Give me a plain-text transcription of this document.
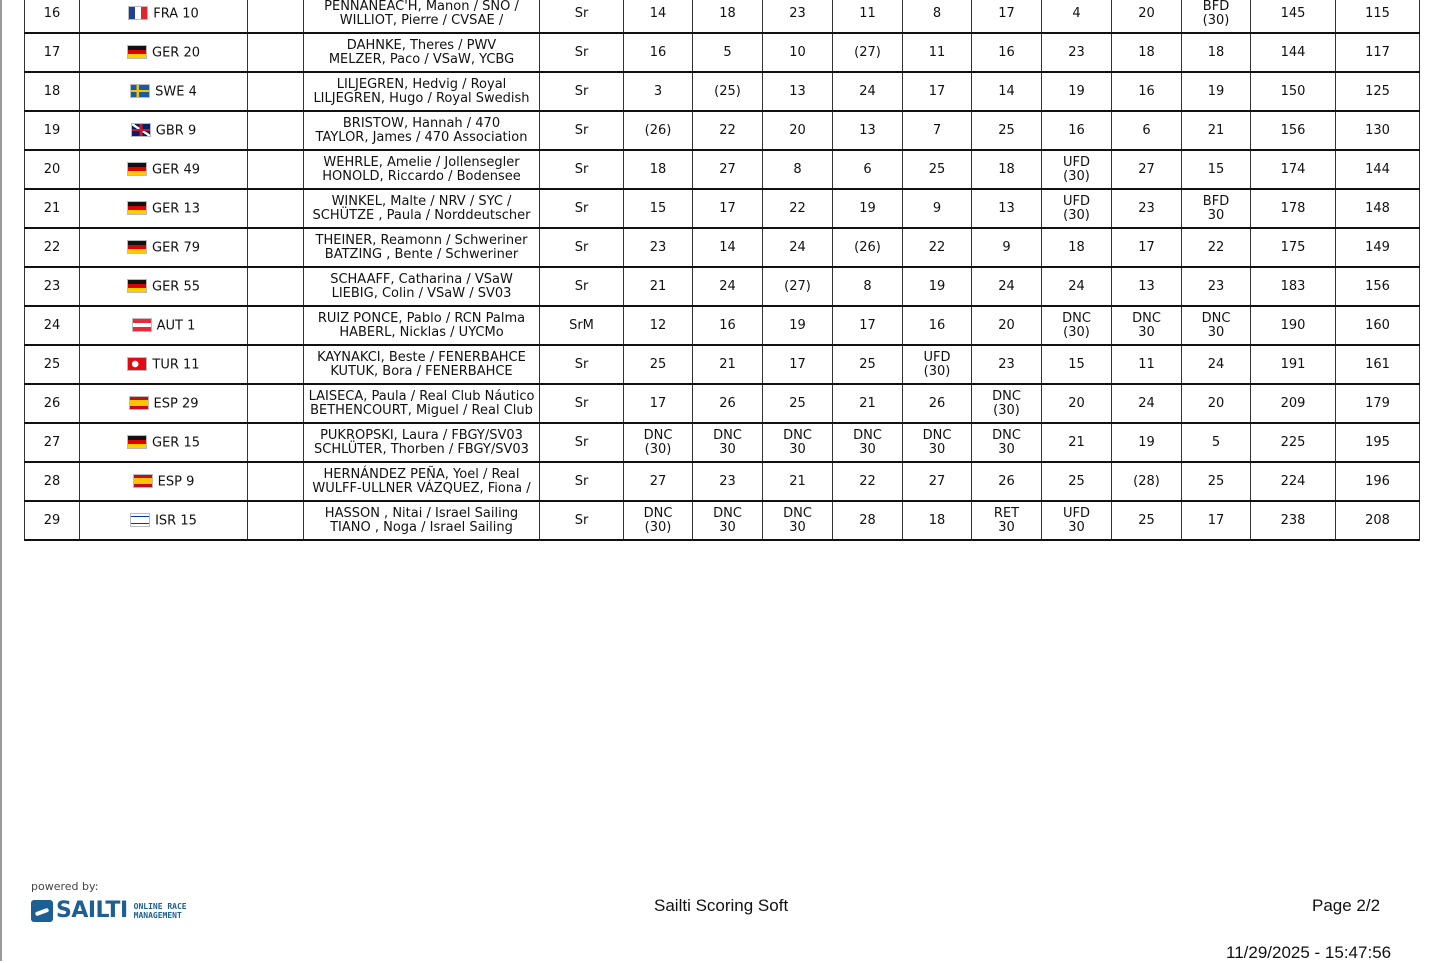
16	FRA 10		PENNANEAC'H, Manon / SNO /
WILLIOT, Pierre / CVSAE /	Sr	14	18	23	11	8	17	4	20	BFD
(30)	145	115
17	GER 20		DAHNKE, Theres / PWV
MELZER, Paco / VSaW, YCBG	Sr	16	5	10	(27)	11	16	23	18	18	144	117
18	SWE 4		LILJEGREN, Hedvig / Royal
LILJEGREN, Hugo / Royal Swedish	Sr	3	(25)	13	24	17	14	19	16	19	150	125
19	GBR 9		BRISTOW, Hannah / 470
TAYLOR, James / 470 Association	Sr	(26)	22	20	13	7	25	16	6	21	156	130
20	GER 49		WEHRLE, Amelie / Jollensegler
HONOLD, Riccardo / Bodensee	Sr	18	27	8	6	25	18	UFD
(30)	27	15	174	144
21	GER 13		WINKEL, Malte / NRV / SYC /
SCHÜTZE , Paula / Norddeutscher	Sr	15	17	22	19	9	13	UFD
(30)	23	BFD
30	178	148
22	GER 79		THEINER, Reamonn / Schweriner
BATZING , Bente / Schweriner	Sr	23	14	24	(26)	22	9	18	17	22	175	149
23	GER 55		SCHAAFF, Catharina / VSaW
LIEBIG, Colin / VSaW / SV03	Sr	21	24	(27)	8	19	24	24	13	23	183	156
24	AUT 1		RUIZ PONCE, Pablo / RCN Palma
HABERL, Nicklas / UYCMo	SrM	12	16	19	17	16	20	DNC
(30)	DNC
30	DNC
30	190	160
25	TUR 11		KAYNAKCI, Beste / FENERBAHCE
KUTUK, Bora / FENERBAHCE	Sr	25	21	17	25	UFD
(30)	23	15	11	24	191	161
26	ESP 29		LAISECA, Paula / Real Club Náutico
BETHENCOURT, Miguel / Real Club	Sr	17	26	25	21	26	DNC
(30)	20	24	20	209	179
27	GER 15		PUKROPSKI, Laura / FBGY/SV03
SCHLÜTER, Thorben / FBGY/SV03	Sr	DNC
(30)	DNC
30	DNC
30	DNC
30	DNC
30	DNC
30	21	19	5	225	195
28	ESP 9		HERNÁNDEZ PEÑA, Yoel / Real
WULFF-ULLNER VÁZQUEZ, Fiona /	Sr	27	23	21	22	27	26	25	(28)	25	224	196
29	ISR 15		HASSON , Nitai / Israel Sailing
TIANO , Noga / Israel Sailing	Sr	DNC
(30)	DNC
30	DNC
30	28	18	RET
30	UFD
30	25	17	238	208
powered by:
SAILTI ONLINE RACE
MANAGEMENT	Sailti Scoring Soft	Page 2/2
11/29/2025 - 15:47:56
